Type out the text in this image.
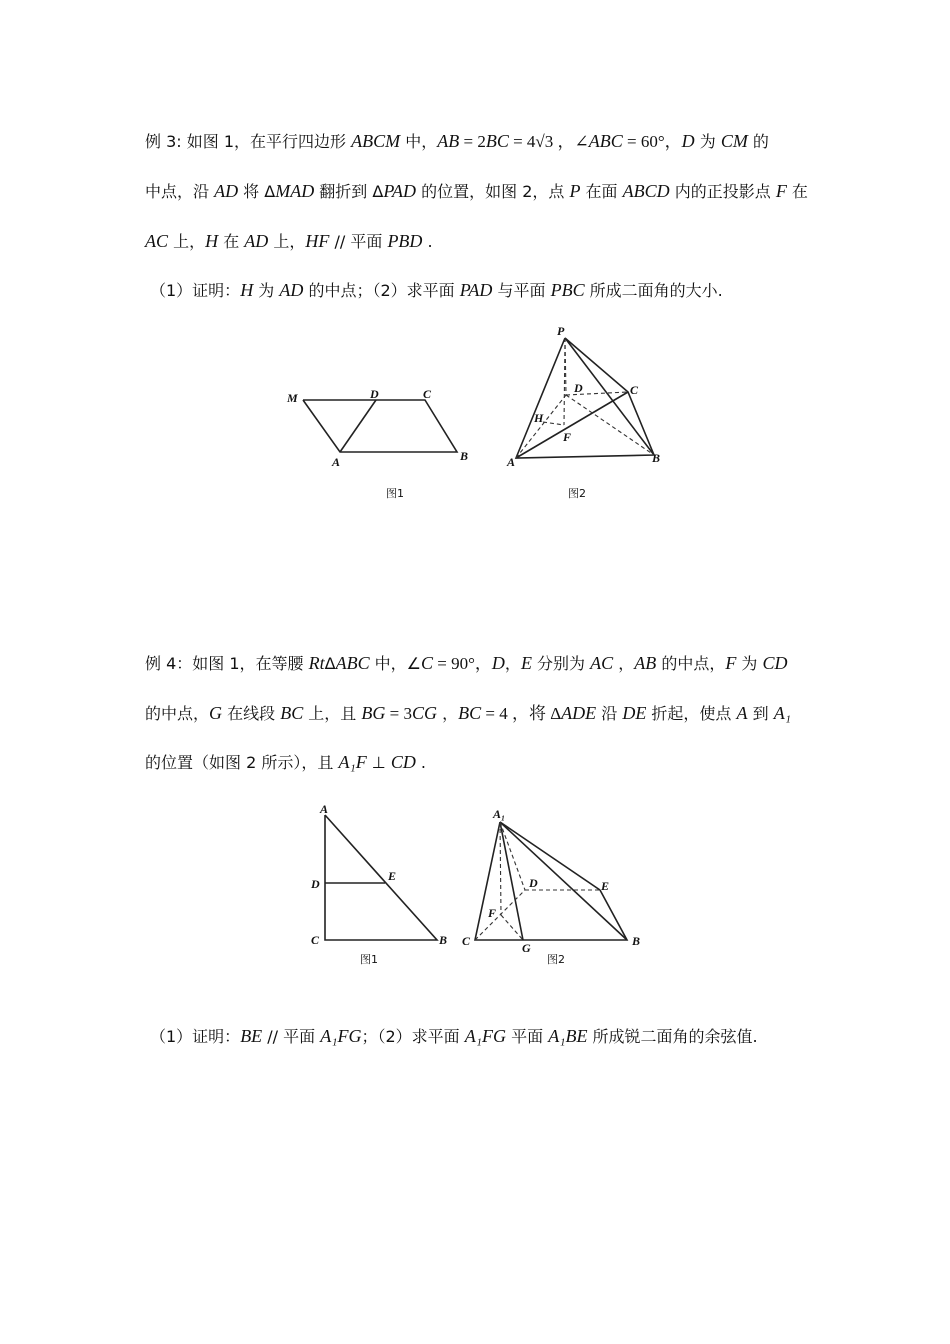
例 3: 如图 1，在平行四边形 ABCM 中，AB = 2BC = 4√3 ，∠ABC = 60°，D 为 CM 的
中点，沿 AD 将 ΔMAD 翻折到 ΔPAD 的位置，如图 2，点 P 在面 ABCD 内的正投影点 F 在
AC 上，H 在 AD 上，HF // 平面 PBD .
（1）证明：H 为 AD 的中点；（2）求平面 PAD 与平面 PBC 所成二面角的大小.
M	D	C
A	B
图1
P
D	C
H
F
A	B
图2
例 4：如图 1，在等腰 RtΔABC 中，∠C = 90°，D，E 分别为 AC ，AB 的中点，F 为 CD
的中点，G 在线段 BC 上，且 BG = 3CG ，BC = 4 ，将 ΔADE 沿 DE 折起，使点 A 到 A₁
的位置（如图 2 所示），且 A₁F ⊥ CD .
A
D
E
C	B
图1
A₁
D	E
F
C	G	B
图2
（1）证明：BE // 平面 A₁FG；（2）求平面 A₁FG 平面 A₁BE 所成锐二面角的余弦值.
